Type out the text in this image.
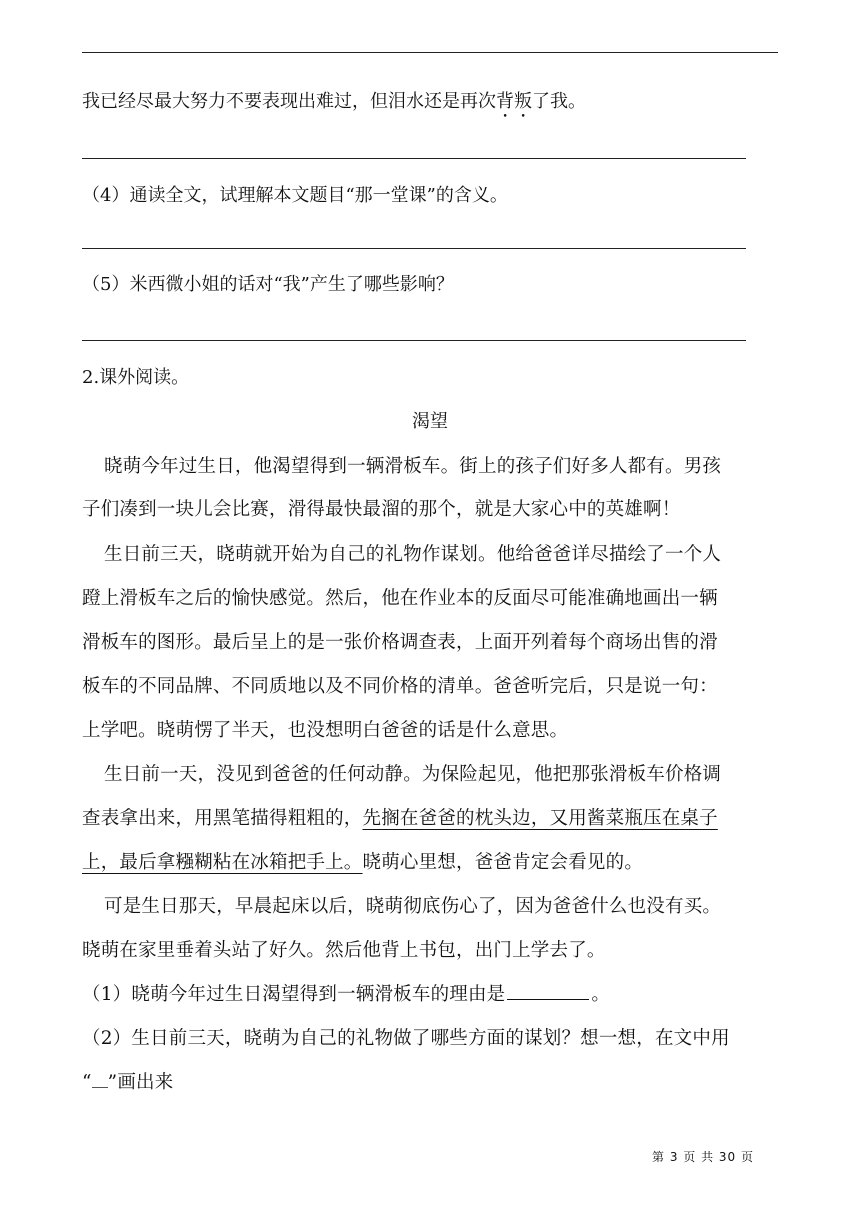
我已经尽最大努力不要表现出难过，但泪水还是再次背叛了我。
（4）通读全文，试理解本文题目“那一堂课”的含义。
（5）米西微小姐的话对“我”产生了哪些影响？
2.课外阅读。
渴望
晓萌今年过生日，他渴望得到一辆滑板车。街上的孩子们好多人都有。男孩
子们凑到一块儿会比赛，滑得最快最溜的那个，就是大家心中的英雄啊！
生日前三天，晓萌就开始为自己的礼物作谋划。他给爸爸详尽描绘了一个人
蹬上滑板车之后的愉快感觉。然后，他在作业本的反面尽可能准确地画出一辆
滑板车的图形。最后呈上的是一张价格调查表，上面开列着每个商场出售的滑
板车的不同品牌、不同质地以及不同价格的清单。爸爸听完后，只是说一句：
上学吧。晓萌愣了半天，也没想明白爸爸的话是什么意思。
生日前一天，没见到爸爸的任何动静。为保险起见，他把那张滑板车价格调
查表拿出来，用黑笔描得粗粗的，先搁在爸爸的枕头边，又用酱菜瓶压在桌子
上，最后拿糨糊粘在冰箱把手上。晓萌心里想，爸爸肯定会看见的。
可是生日那天，早晨起床以后，晓萌彻底伤心了，因为爸爸什么也没有买。
晓萌在家里垂着头站了好久。然后他背上书包，出门上学去了。
（1）晓萌今年过生日渴望得到一辆滑板车的理由是	。
（2）生日前三天，晓萌为自己的礼物做了哪些方面的谋划？想一想，在文中用
“ ”画出来
第 3 页 共 30 页
